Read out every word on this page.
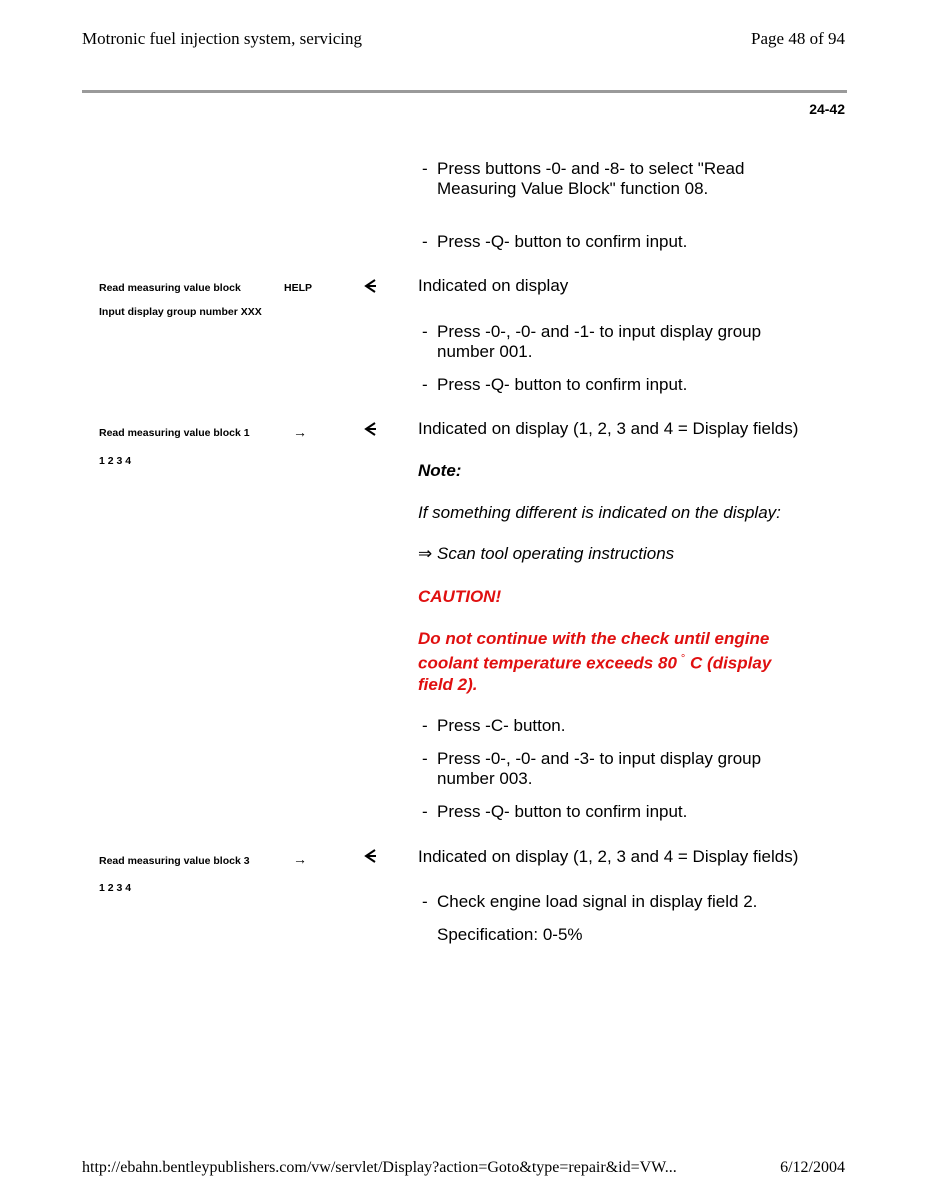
Motronic fuel injection system, servicing	Page 48 of 94
24-42
- Press buttons -0- and -8- to select "Read
Measuring Value Block" function 08.
- Press -Q- button to confirm input.
Read measuring value block	HELP
Input display group number XXX
Indicated on display
- Press -0-, -0- and -1- to input display group
number 001.
- Press -Q- button to confirm input.
Read measuring value block 1	→
1 2 3 4
Indicated on display (1, 2, 3 and 4 = Display fields)
Note:
If something different is indicated on the display:
⇒ Scan tool operating instructions
CAUTION!
Do not continue with the check until engine
coolant temperature exceeds 80 ° C (display
field 2).
- Press -C- button.
- Press -0-, -0- and -3- to input display group
number 003.
- Press -Q- button to confirm input.
Read measuring value block 3	→
1 2 3 4
Indicated on display (1, 2, 3 and 4 = Display fields)
- Check engine load signal in display field 2.
Specification: 0-5%
http://ebahn.bentleypublishers.com/vw/servlet/Display?action=Goto&type=repair&id=VW...	6/12/2004
